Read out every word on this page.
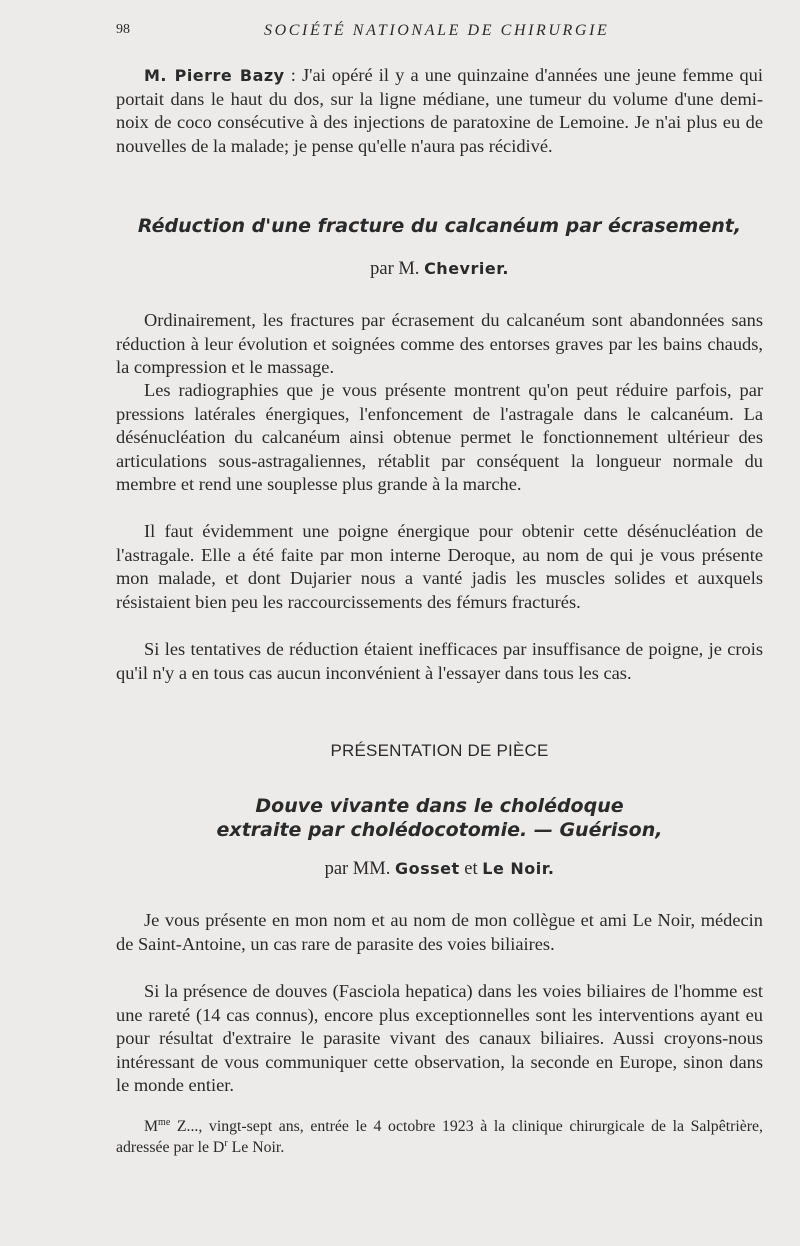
98	SOCIÉTÉ NATIONALE DE CHIRURGIE
M. Pierre Bazy : J'ai opéré il y a une quinzaine d'années une jeune femme qui portait dans le haut du dos, sur la ligne médiane, une tumeur du volume d'une demi-noix de coco consécutive à des injections de paratoxine de Lemoine. Je n'ai plus eu de nouvelles de la malade; je pense qu'elle n'aura pas récidivé.
Réduction d'une fracture du calcanéum par écrasement,
par M. Chevrier.
Ordinairement, les fractures par écrasement du calcanéum sont abandonnées sans réduction à leur évolution et soignées comme des entorses graves par les bains chauds, la compression et le massage.
Les radiographies que je vous présente montrent qu'on peut réduire parfois, par pressions latérales énergiques, l'enfoncement de l'astragale dans le calcanéum. La désénucléation du calcanéum ainsi obtenue permet le fonctionnement ultérieur des articulations sous-astragaliennes, rétablit par conséquent la longueur normale du membre et rend une souplesse plus grande à la marche.
Il faut évidemment une poigne énergique pour obtenir cette désénucléation de l'astragale. Elle a été faite par mon interne Deroque, au nom de qui je vous présente mon malade, et dont Dujarier nous a vanté jadis les muscles solides et auxquels résistaient bien peu les raccourcissements des fémurs fracturés.
Si les tentatives de réduction étaient inefficaces par insuffisance de poigne, je crois qu'il n'y a en tous cas aucun inconvénient à l'essayer dans tous les cas.
PRÉSENTATION DE PIÈCE
Douve vivante dans le cholédoque
extraite par cholédocotomie. — Guérison,
par MM. Gosset et Le Noir.
Je vous présente en mon nom et au nom de mon collègue et ami Le Noir, médecin de Saint-Antoine, un cas rare de parasite des voies biliaires.
Si la présence de douves (Fasciola hepatica) dans les voies biliaires de l'homme est une rareté (14 cas connus), encore plus exceptionnelles sont les interventions ayant eu pour résultat d'extraire le parasite vivant des canaux biliaires. Aussi croyons-nous intéressant de vous communiquer cette observation, la seconde en Europe, sinon dans le monde entier.
$M^{me}$ Z..., vingt-sept ans, entrée le 4 octobre 1923 à la clinique chirurgicale de la Salpêtrière, adressée par le $D^r$ Le Noir.
